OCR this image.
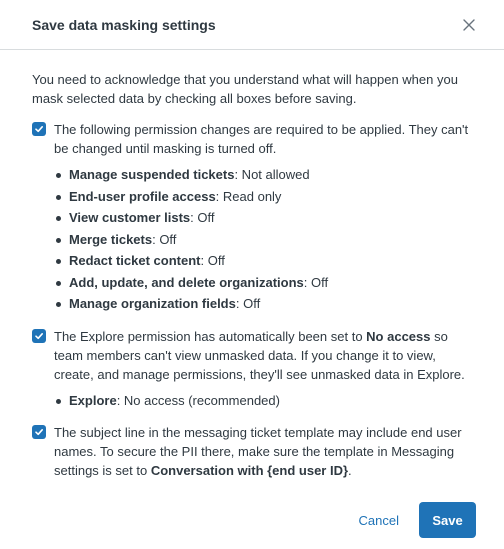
Save data masking settings

You need to acknowledge that you understand what will happen when you mask selected data by checking all boxes before saving.

The following permission changes are required to be applied. They can't be changed until masking is turned off.
Manage suspended tickets: Not allowed
End-user profile access: Read only
View customer lists: Off
Merge tickets: Off
Redact ticket content: Off
Add, update, and delete organizations: Off
Manage organization fields: Off
The Explore permission has automatically been set to No access so team members can't view unmasked data. If you change it to view, create, and manage permissions, they'll see unmasked data in Explore.
Explore: No access (recommended)
The subject line in the messaging ticket template may include end user names. To secure the PII there, make sure the template in Messaging settings is set to Conversation with {end user ID}.
Cancel	Save
